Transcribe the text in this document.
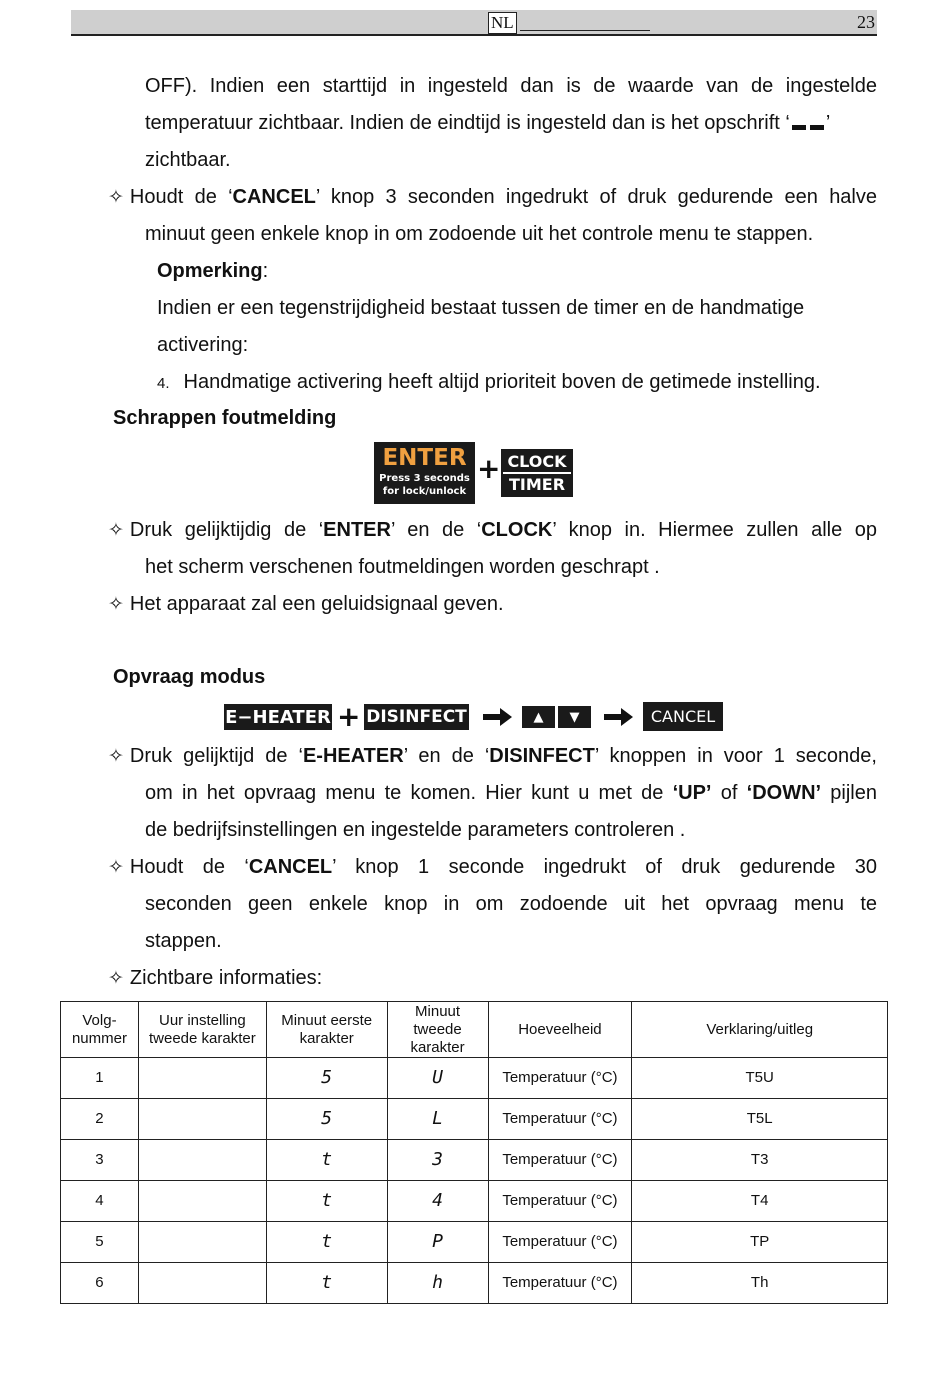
NL	23
OFF). Indien een starttijd in ingesteld dan is de waarde van de ingestelde
temperatuur zichtbaar. Indien de eindtijd is ingesteld dan is het opschrift ‘ ’
zichtbaar.
✧ Houdt de ‘CANCEL’ knop 3 seconden ingedrukt of druk gedurende een halve
minuut geen enkele knop in om zodoende uit het controle menu te stappen.
Opmerking:
Indien er een tegenstrijdigheid bestaat tussen de timer en de handmatige
activering:
4. Handmatige activering heeft altijd prioriteit boven de getimede instelling.
Schrappen foutmelding
ENTER
Press 3 seconds
for lock/unlock
+ CLOCK
TIMER
✧ Druk gelijktijdig de ‘ENTER’ en de ‘CLOCK’ knop in. Hiermee zullen alle op
het scherm verschenen foutmeldingen worden geschrapt .
✧ Het apparaat zal een geluidsignaal geven.
Opvraag modus
E−HEATER + DISINFECT	▲	▼	CANCEL
✧ Druk gelijktijd de ‘E-HEATER’ en de ‘DISINFECT’ knoppen in voor 1 seconde,
om in het opvraag menu te komen. Hier kunt u met de ‘UP’ of ‘DOWN’ pijlen
de bedrijfsinstellingen en ingestelde parameters controleren .
✧ Houdt de ‘CANCEL’ knop 1 seconde ingedrukt of druk gedurende 30
seconden geen enkele knop in om zodoende uit het opvraag menu te
stappen.
✧ Zichtbare informaties:
Volg-
nummer	Uur instelling tweede karakter	Minuut eerste karakter	Minuut tweede karakter	Hoeveelheid	Verklaring/uitleg
1		5	U	Temperatuur (°C)	T5U
2		5	L	Temperatuur (°C)	T5L
3		t	3	Temperatuur (°C)	T3
4		t	4	Temperatuur (°C)	T4
5		t	P	Temperatuur (°C)	TP
6		t	h	Temperatuur (°C)	Th
